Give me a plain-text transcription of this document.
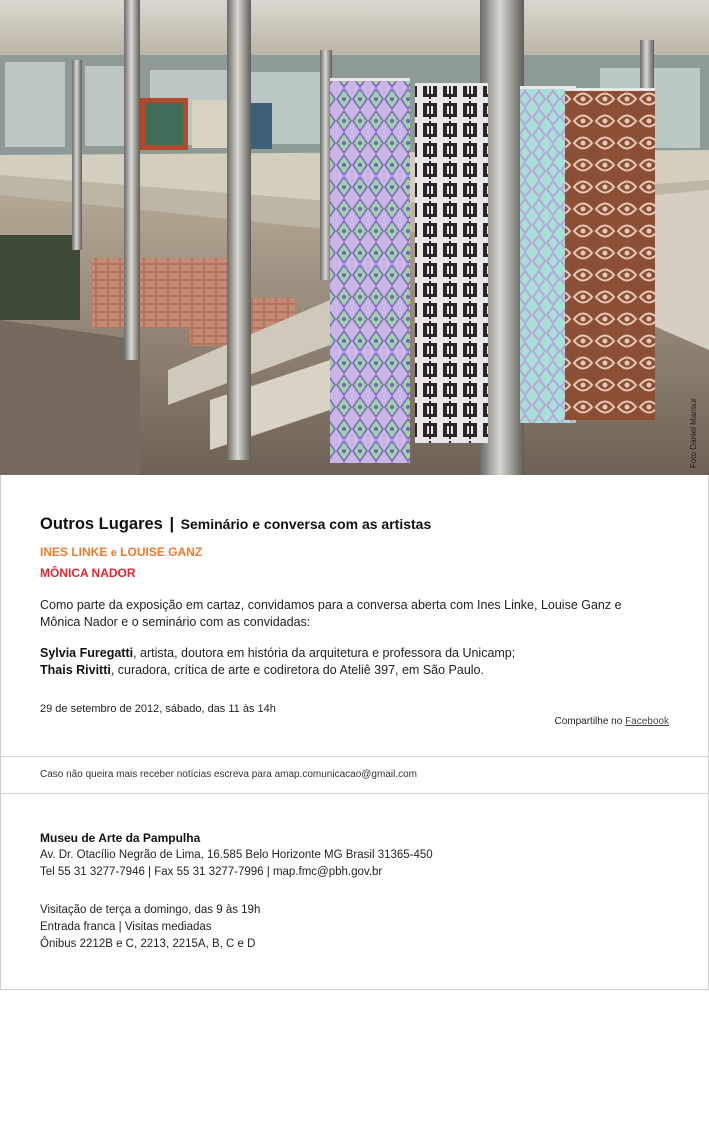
Foto Daniel Mansur
Outros Lugares | Seminário e conversa com as artistas
INES LINKE e LOUISE GANZ
MÔNICA NADOR

Como parte da exposição em cartaz, convidamos para a conversa aberta com Ines Linke, Louise Ganz e Mônica Nador e o seminário com as convidadas:

Sylvia Furegatti, artista, doutora em história da arquitetura e professora da Unicamp;
Thais Rivitti, curadora, crítica de arte e codiretora do Ateliê 397, em São Paulo.

29 de setembro de 2012, sábado, das 11 às 14h
Compartilhe no Facebook
Caso não queira mais receber notícias escreva para amap.comunicacao@gmail.com
Museu de Arte da Pampulha
Av. Dr. Otacílio Negrão de Lima, 16.585 Belo Horizonte MG Brasil 31365-450
Tel 55 31 3277-7946 | Fax 55 31 3277-7996 | map.fmc@pbh.gov.br
Visitação de terça a domingo, das 9 às 19h
Entrada franca | Visitas mediadas
Ônibus 2212B e C, 2213, 2215A, B, C e D
